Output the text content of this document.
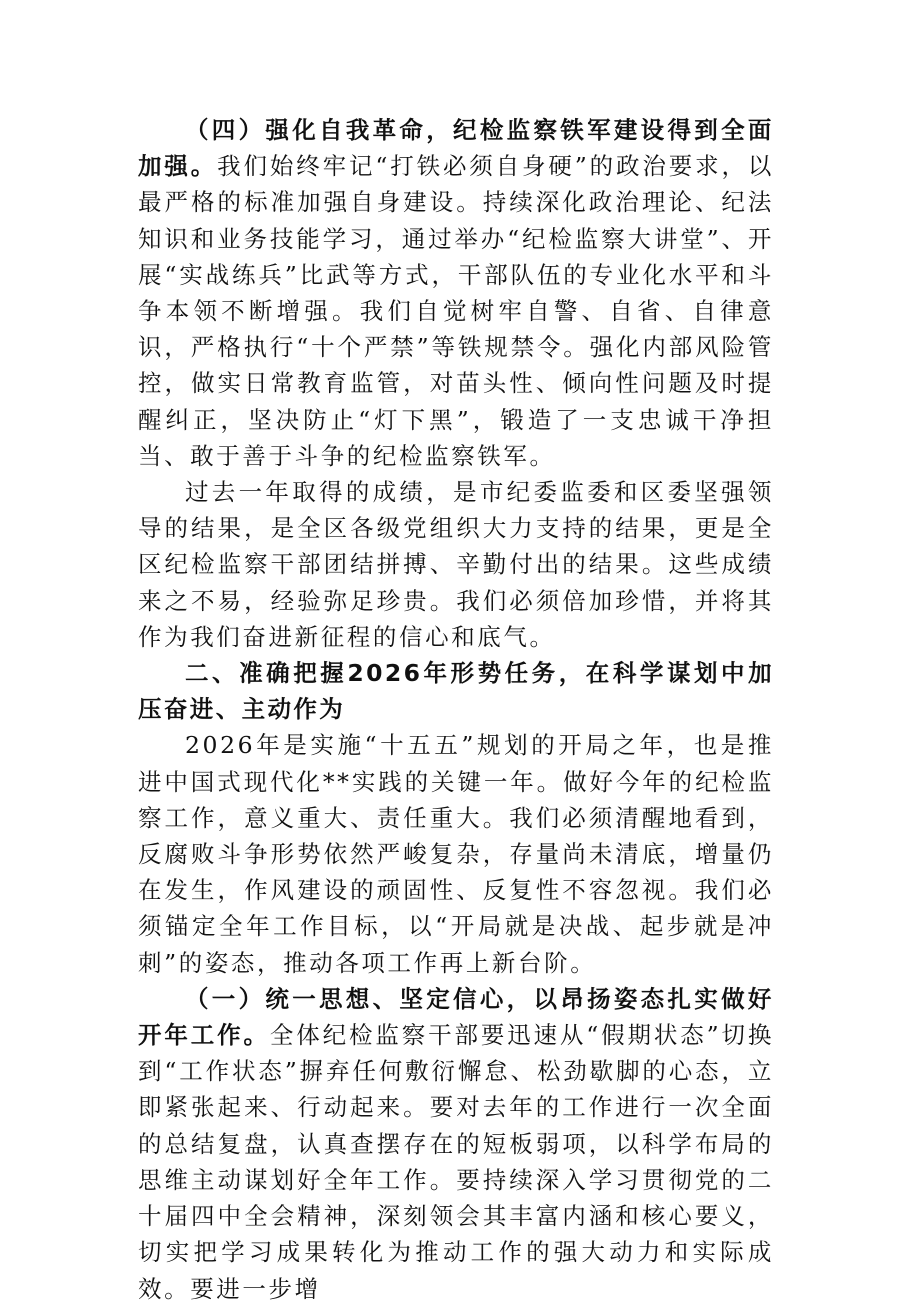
（四）强化自我革命，纪检监察铁军建设得到全面加强。我们始终牢记“打铁必须自身硬”的政治要求，以最严格的标准加强自身建设。持续深化政治理论、纪法知识和业务技能学习，通过举办“纪检监察大讲堂”、开展“实战练兵”比武等方式，干部队伍的专业化水平和斗争本领不断增强。我们自觉树牢自警、自省、自律意识，严格执行“十个严禁”等铁规禁令。强化内部风险管控，做实日常教育监管，对苗头性、倾向性问题及时提醒纠正，坚决防止“灯下黑”，锻造了一支忠诚干净担当、敢于善于斗争的纪检监察铁军。

过去一年取得的成绩，是市纪委监委和区委坚强领导的结果，是全区各级党组织大力支持的结果，更是全区纪检监察干部团结拼搏、辛勤付出的结果。这些成绩来之不易，经验弥足珍贵。我们必须倍加珍惜，并将其作为我们奋进新征程的信心和底气。

二、准确把握2026年形势任务，在科学谋划中加压奋进、主动作为

2026年是实施“十五五”规划的开局之年，也是推进中国式现代化**实践的关键一年。做好今年的纪检监察工作，意义重大、责任重大。我们必须清醒地看到，反腐败斗争形势依然严峻复杂，存量尚未清底，增量仍在发生，作风建设的顽固性、反复性不容忽视。我们必须锚定全年工作目标，以“开局就是决战、起步就是冲刺”的姿态，推动各项工作再上新台阶。

（一）统一思想、坚定信心，以昂扬姿态扎实做好开年工作。全体纪检监察干部要迅速从“假期状态”切换到“工作状态”摒弃任何敷衍懈怠、松劲歇脚的心态，立即紧张起来、行动起来。要对去年的工作进行一次全面的总结复盘，认真查摆存在的短板弱项，以科学布局的思维主动谋划好全年工作。要持续深入学习贯彻党的二十届四中全会精神，深刻领会其丰富内涵和核心要义，切实把学习成果转化为推动工作的强大动力和实际成效。要进一步增
